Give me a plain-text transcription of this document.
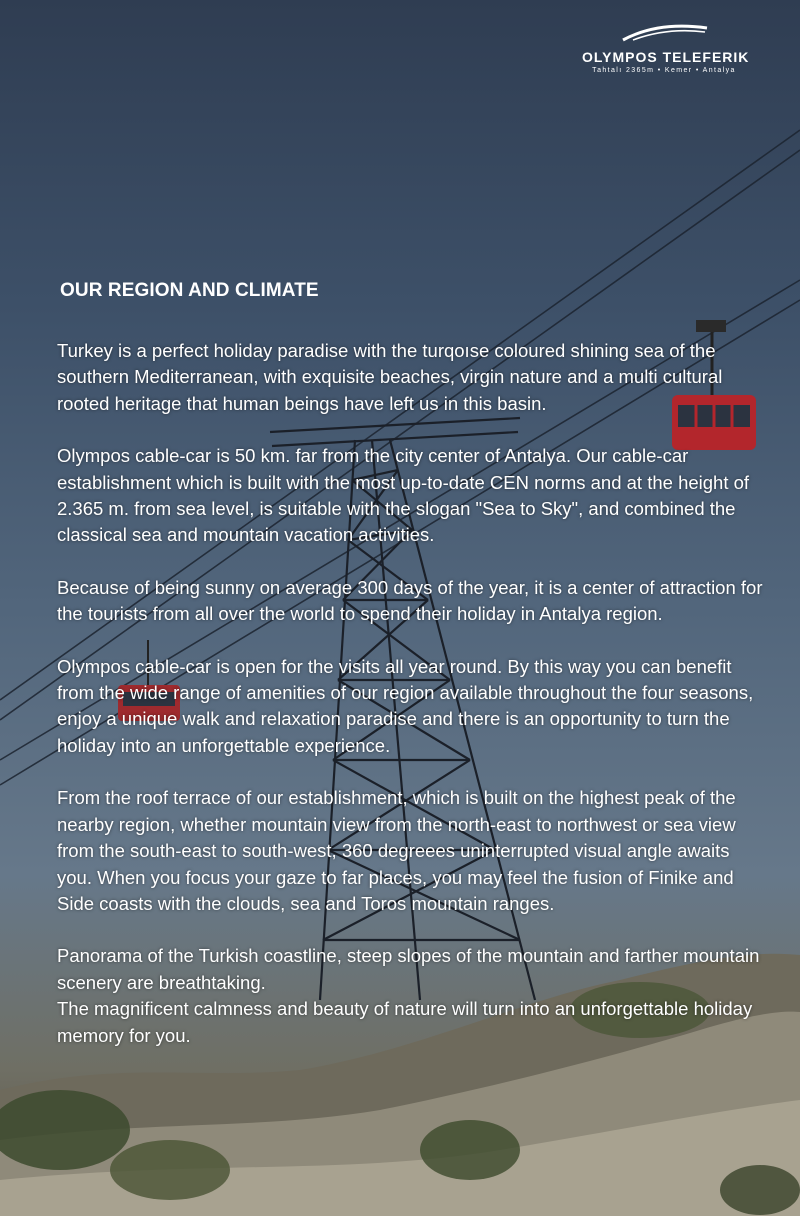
OLYMPOS TELEFERIK
Tahtalı 2365m • Kemer • Antalya
OUR REGION AND CLIMATE

Turkey is a perfect holiday paradise with the turqoıse coloured shining sea of the southern Mediterranean, with exquisite beaches, virgin nature and a multi cultural rooted heritage that human beings have left us in this basin.

Olympos cable-car is 50 km. far from the city center of Antalya. Our cable-car establishment which is built with the most up-to-date CEN norms and at the height of 2.365 m. from sea level, is suitable with the slogan "Sea to Sky", and combined the classical sea and mountain vacation activities.

Because of being sunny on average 300 days of the year, it is a center of attraction for the tourists from all over the world to spend their holiday in Antalya region.

Olympos cable-car is open for the visits all year round. By this way you can benefit from the wide range of amenities of our region available throughout the four seasons, enjoy a unique walk and relaxation paradise and there is an opportunity to turn the holiday into an unforgettable experience.

From the roof terrace of our establishment, which is built on the highest peak of the nearby region, whether mountain view from the north-east to northwest or sea view from the south-east to south-west, 360 degreees uninterrupted visual angle awaits you. When you focus your gaze to far places, you may feel the fusion of Finike and Side coasts with the clouds, sea and Toros mountain ranges.

Panorama of the Turkish coastline, steep slopes of the mountain and farther mountain scenery are breathtaking.

The magnificent calmness and beauty of nature will turn into an unforgettable holiday memory for you.
